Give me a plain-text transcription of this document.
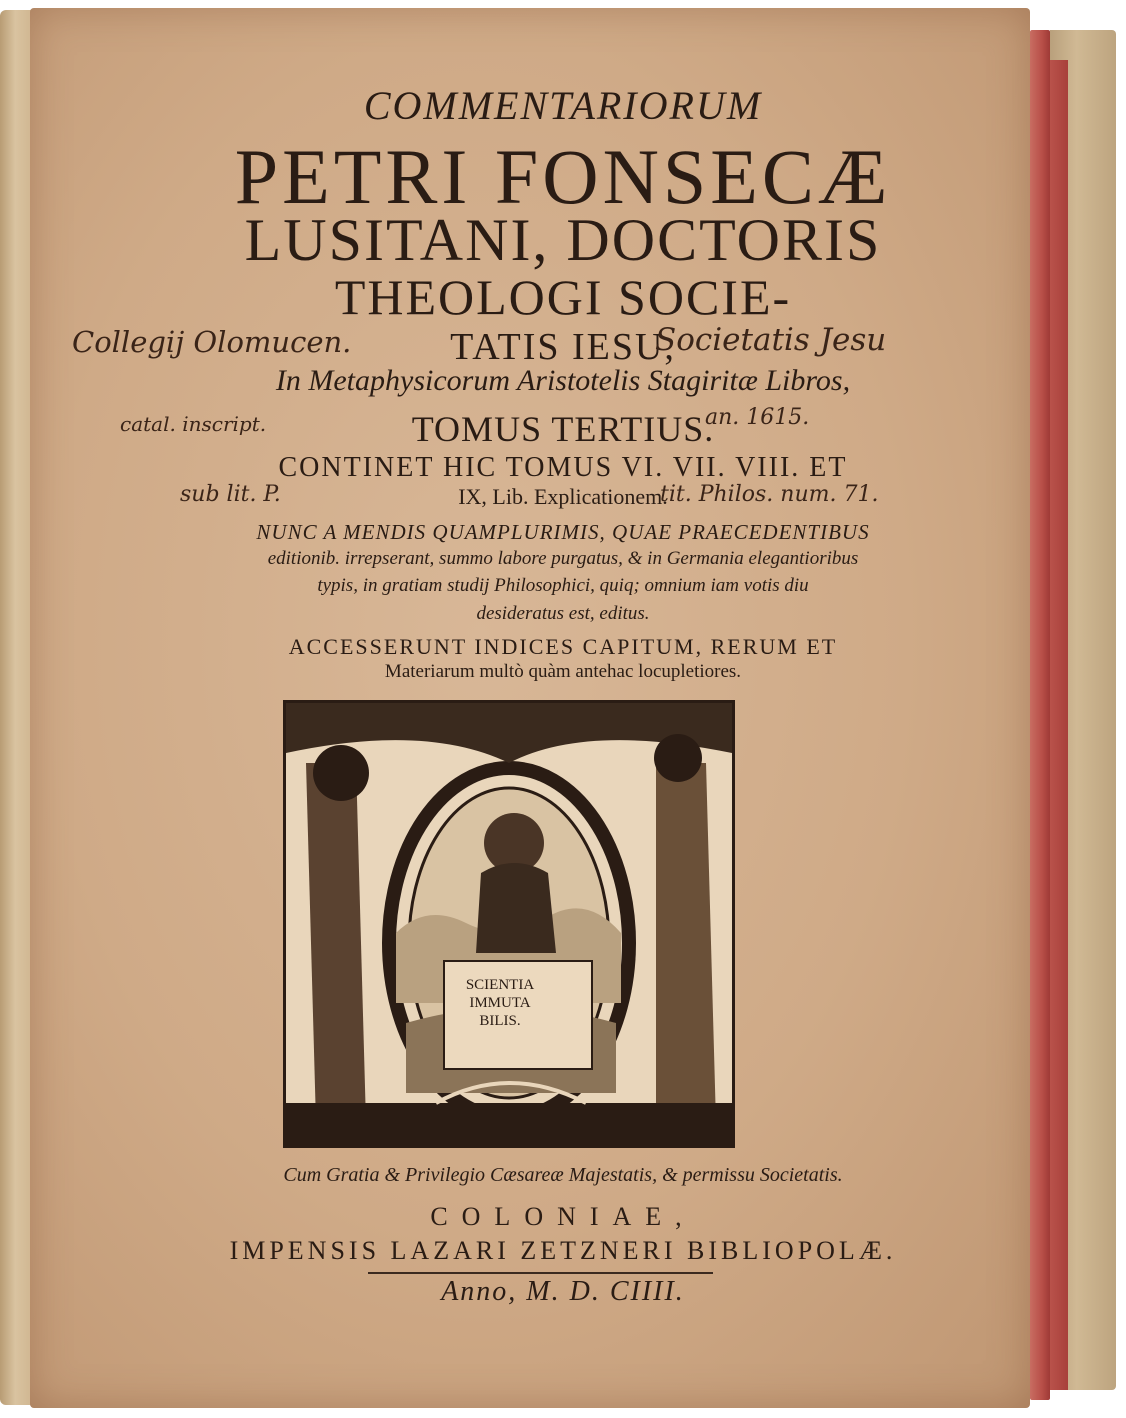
COMMENTARIORUM
PETRI FONSECÆ
LUSITANI, DOCTORIS
THEOLOGI SOCIE-
TATIS IESU,
In Metaphysicorum Aristotelis Stagiritæ Libros,
TOMUS TERTIUS.
CONTINET HIC TOMUS VI. VII. VIII. ET
IX, Lib. Explicationem.
NUNC A MENDIS QUAMPLURIMIS, QUAE PRAECEDENTIBUS
editionib. irrepserant, summo labore purgatus, & in Germania elegantioribus
typis, in gratiam studij Philosophici, quiq; omnium iam votis diu
desideratus est, editus.
ACCESSERUNT INDICES CAPITUM, RERUM ET
Materiarum multò quàm antehac locupletiores.
SCIENTIA
IMMUTA
BILIS.
Cum Gratia & Privilegio Cæsareæ Majestatis, & permissu Societatis.
COLONIAE,
IMPENSIS LAZARI ZETZNERI BIBLIOPOLÆ.
Anno, M. D. CIIII.
Collegij Olomucen.	Societatis Jesu
catal. inscript.	an. 1615.
sub lit. P.	tit. Philos. num. 71.
